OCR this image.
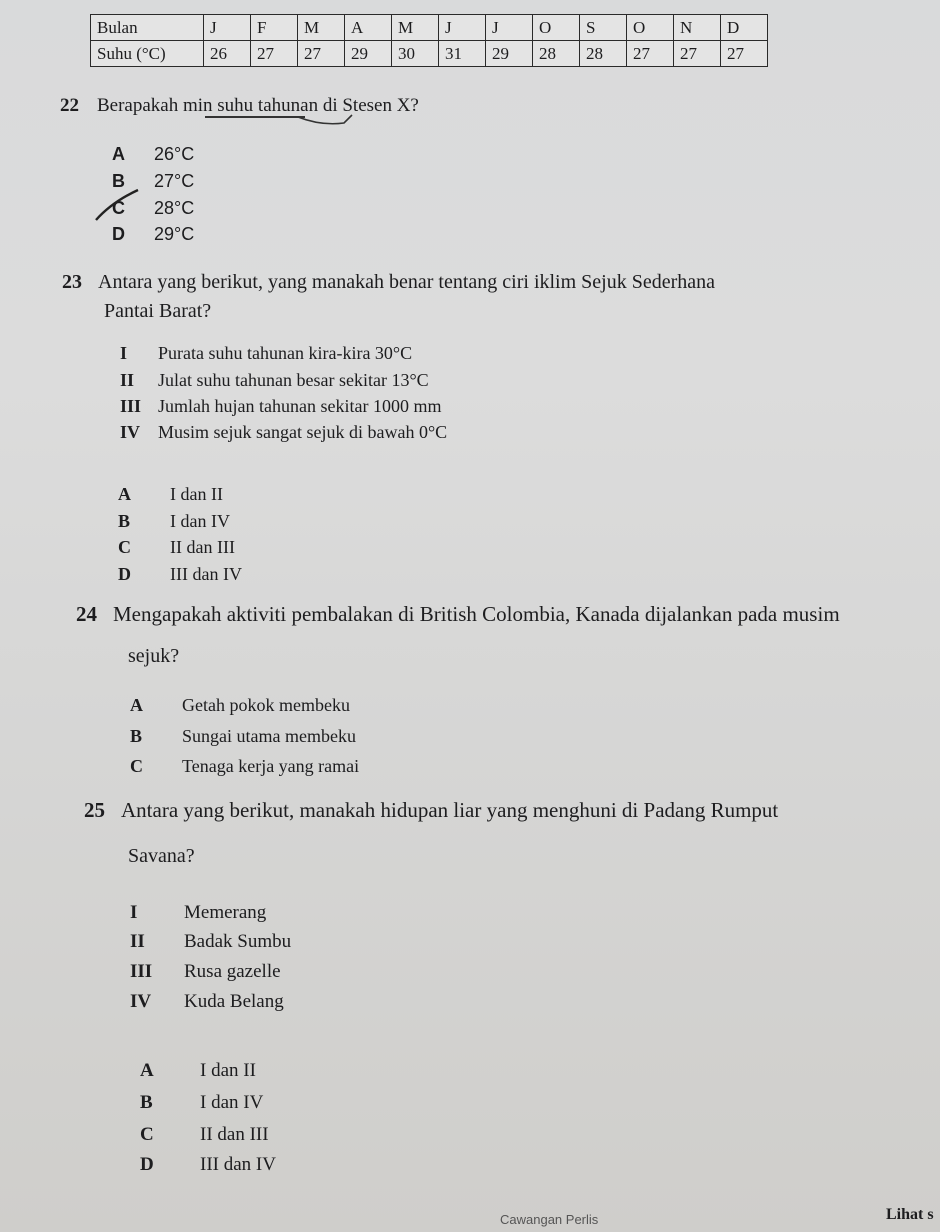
Bulan	J	F	M	A	M	J	J	O	S	O	N	D
Suhu (°C)	26	27	27	29	30	31	29	28	28	27	27	27
22 Berapakah min suhu tahunan di Stesen X?
A 26°C
B 27°C
C 28°C
D 29°C
23 Antara yang berikut, yang manakah benar tentang ciri iklim Sejuk Sederhana
Pantai Barat?
I Purata suhu tahunan kira-kira 30°C
II Julat suhu tahunan besar sekitar 13°C
III Jumlah hujan tahunan sekitar 1000 mm
IV Musim sejuk sangat sejuk di bawah 0°C
A I dan II
B I dan IV
C II dan III
D III dan IV
24 Mengapakah aktiviti pembalakan di British Colombia, Kanada dijalankan pada musim
sejuk?
A Getah pokok membeku
B Sungai utama membeku
C Tenaga kerja yang ramai
25 Antara yang berikut, manakah hidupan liar yang menghuni di Padang Rumput
Savana?
I Memerang
II Badak Sumbu
III Rusa gazelle
IV Kuda Belang
A I dan II
B I dan IV
C II dan III
D III dan IV
Cawangan Perlis	Lihat s
